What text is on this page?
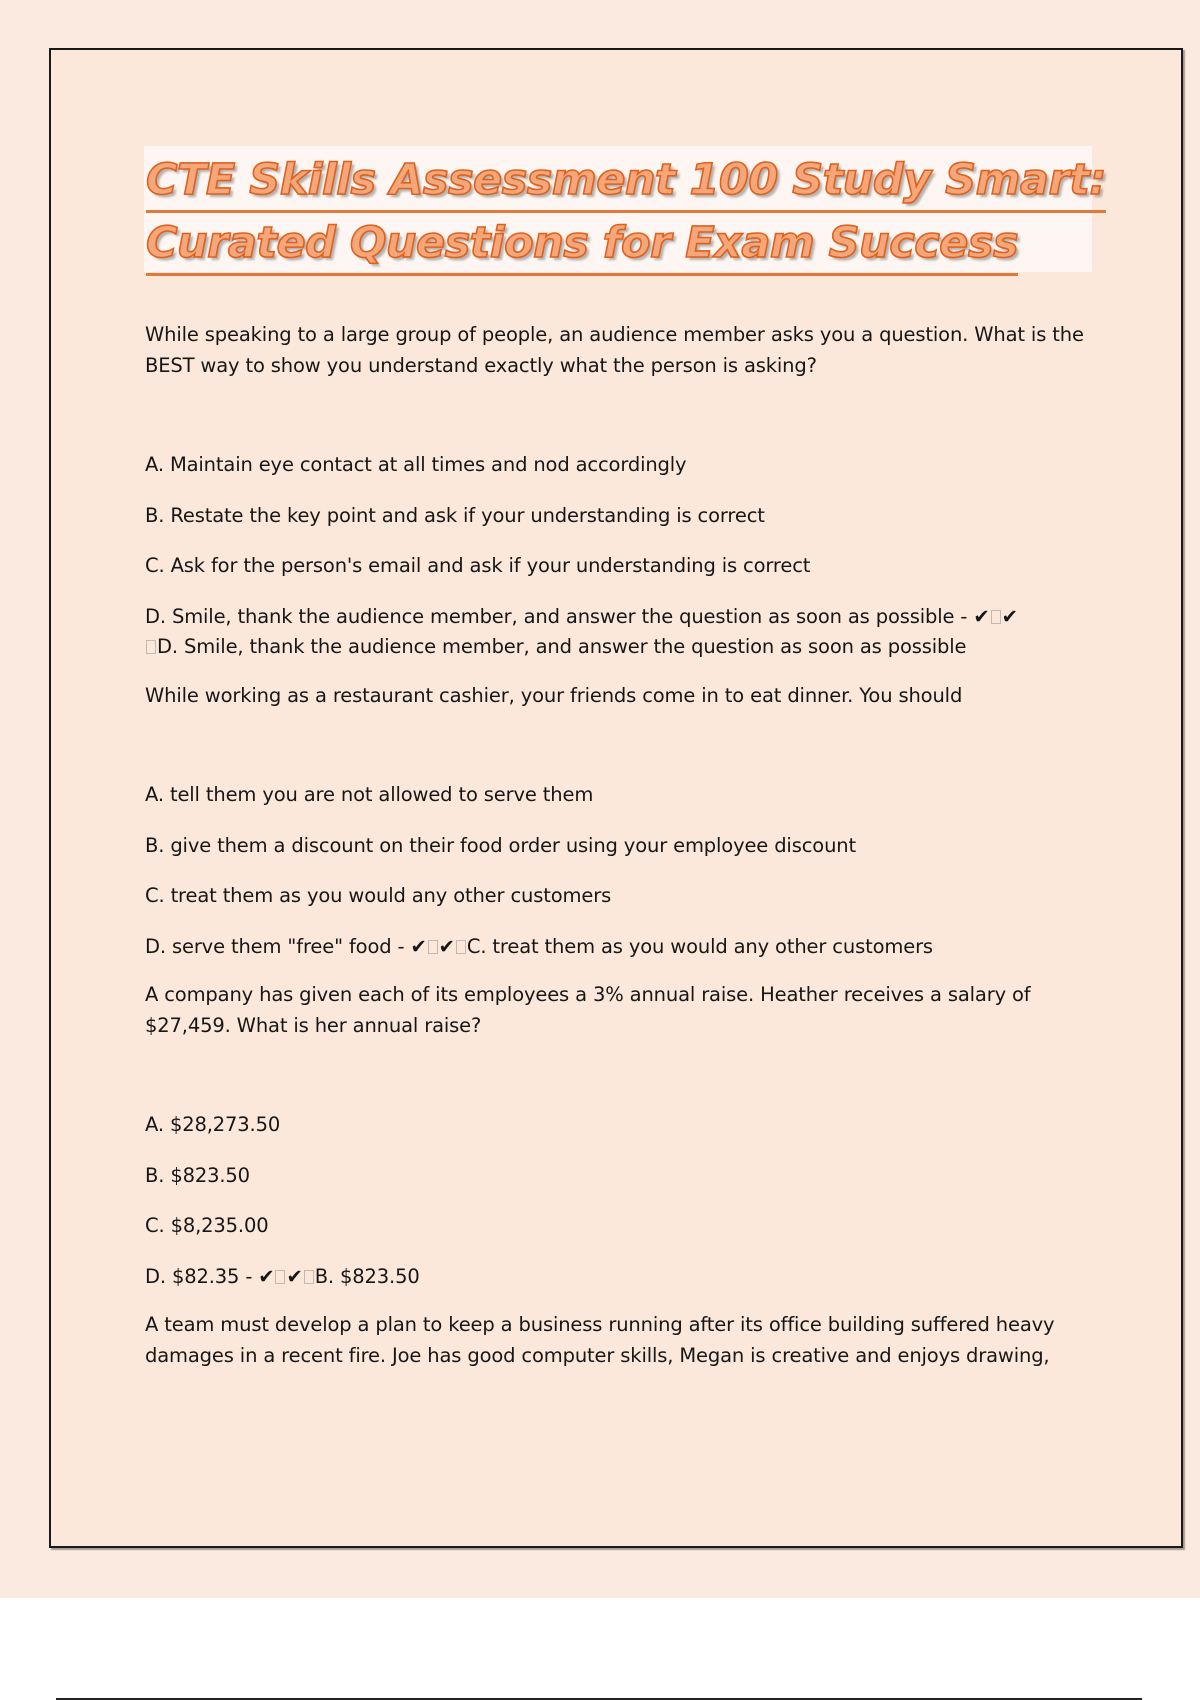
CTE Skills Assessment 100 Study Smart:
Curated Questions for Exam Success

While speaking to a large group of people, an audience member asks you a question. What is the BEST way to show you understand exactly what the person is asking?

A. Maintain eye contact at all times and nod accordingly

B. Restate the key point and ask if your understanding is correct

C. Ask for the person's email and ask if your understanding is correct

D. Smile, thank the audience member, and answer the question as soon as possible - ✔ ✔
D. Smile, thank the audience member, and answer the question as soon as possible

While working as a restaurant cashier, your friends come in to eat dinner. You should

A. tell them you are not allowed to serve them

B. give them a discount on their food order using your employee discount

C. treat them as you would any other customers

D. serve them "free" food - ✔ ✔ C. treat them as you would any other customers

A company has given each of its employees a 3% annual raise. Heather receives a salary of $27,459. What is her annual raise?

A. $28,273.50

B. $823.50

C. $8,235.00

D. $82.35 - ✔ ✔ B. $823.50

A team must develop a plan to keep a business running after its office building suffered heavy damages in a recent fire. Joe has good computer skills, Megan is creative and enjoys drawing,
